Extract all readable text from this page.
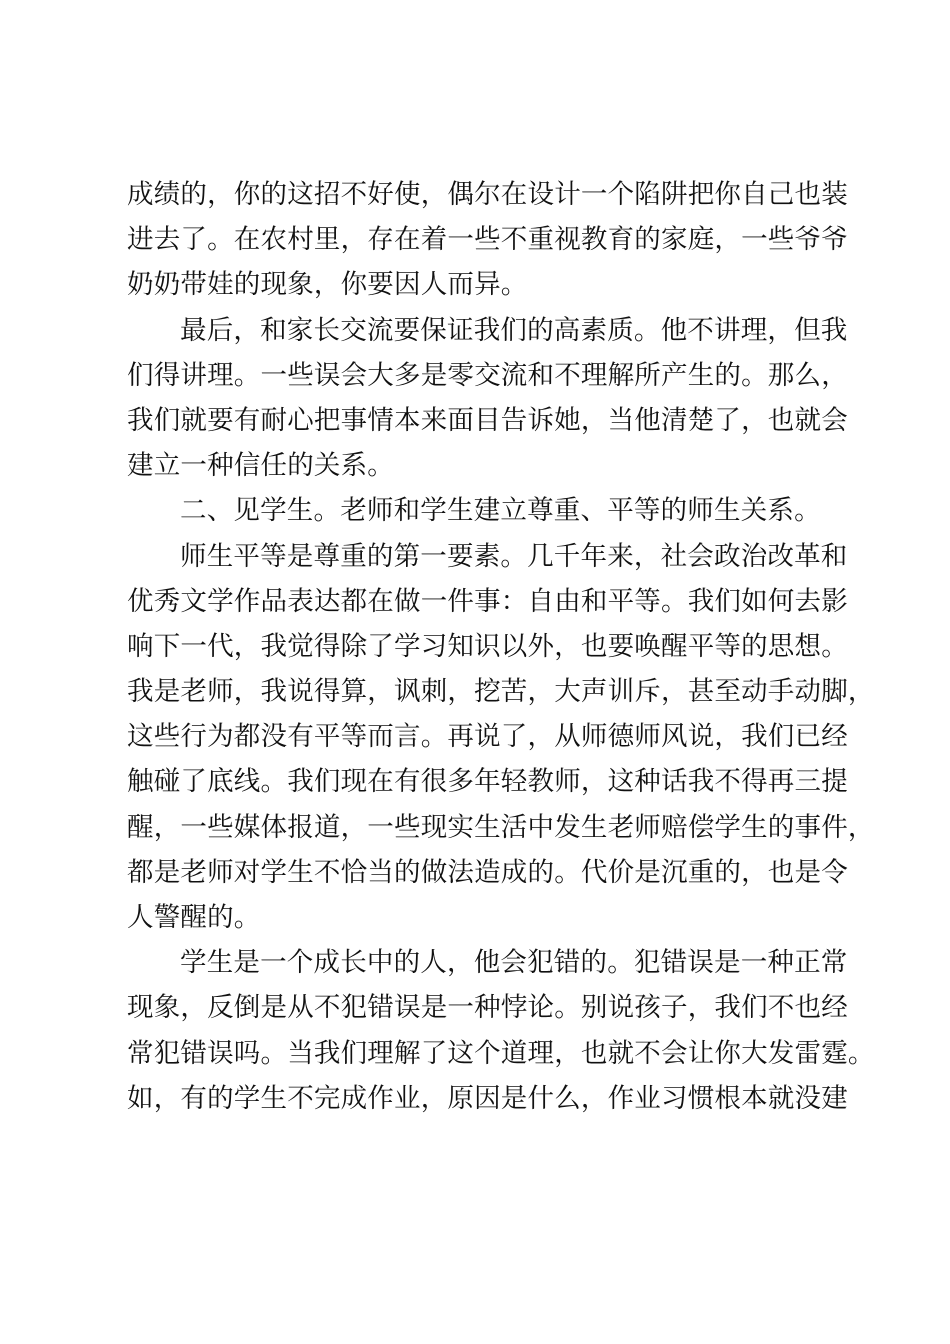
成绩的，你的这招不好使，偶尔在设计一个陷阱把你自己也装
进去了。在农村里，存在着一些不重视教育的家庭，一些爷爷
奶奶带娃的现象，你要因人而异。
最后，和家长交流要保证我们的高素质。他不讲理，但我
们得讲理。一些误会大多是零交流和不理解所产生的。那么，
我们就要有耐心把事情本来面目告诉她，当他清楚了，也就会
建立一种信任的关系。
二、见学生。老师和学生建立尊重、平等的师生关系。
师生平等是尊重的第一要素。几千年来，社会政治改革和
优秀文学作品表达都在做一件事：自由和平等。我们如何去影
响下一代，我觉得除了学习知识以外，也要唤醒平等的思想。
我是老师，我说得算，讽刺，挖苦，大声训斥，甚至动手动脚，
这些行为都没有平等而言。再说了，从师德师风说，我们已经
触碰了底线。我们现在有很多年轻教师，这种话我不得再三提
醒，一些媒体报道，一些现实生活中发生老师赔偿学生的事件，
都是老师对学生不恰当的做法造成的。代价是沉重的，也是令
人警醒的。
学生是一个成长中的人，他会犯错的。犯错误是一种正常
现象，反倒是从不犯错误是一种悖论。别说孩子，我们不也经
常犯错误吗。当我们理解了这个道理，也就不会让你大发雷霆。
如，有的学生不完成作业，原因是什么，作业习惯根本就没建
